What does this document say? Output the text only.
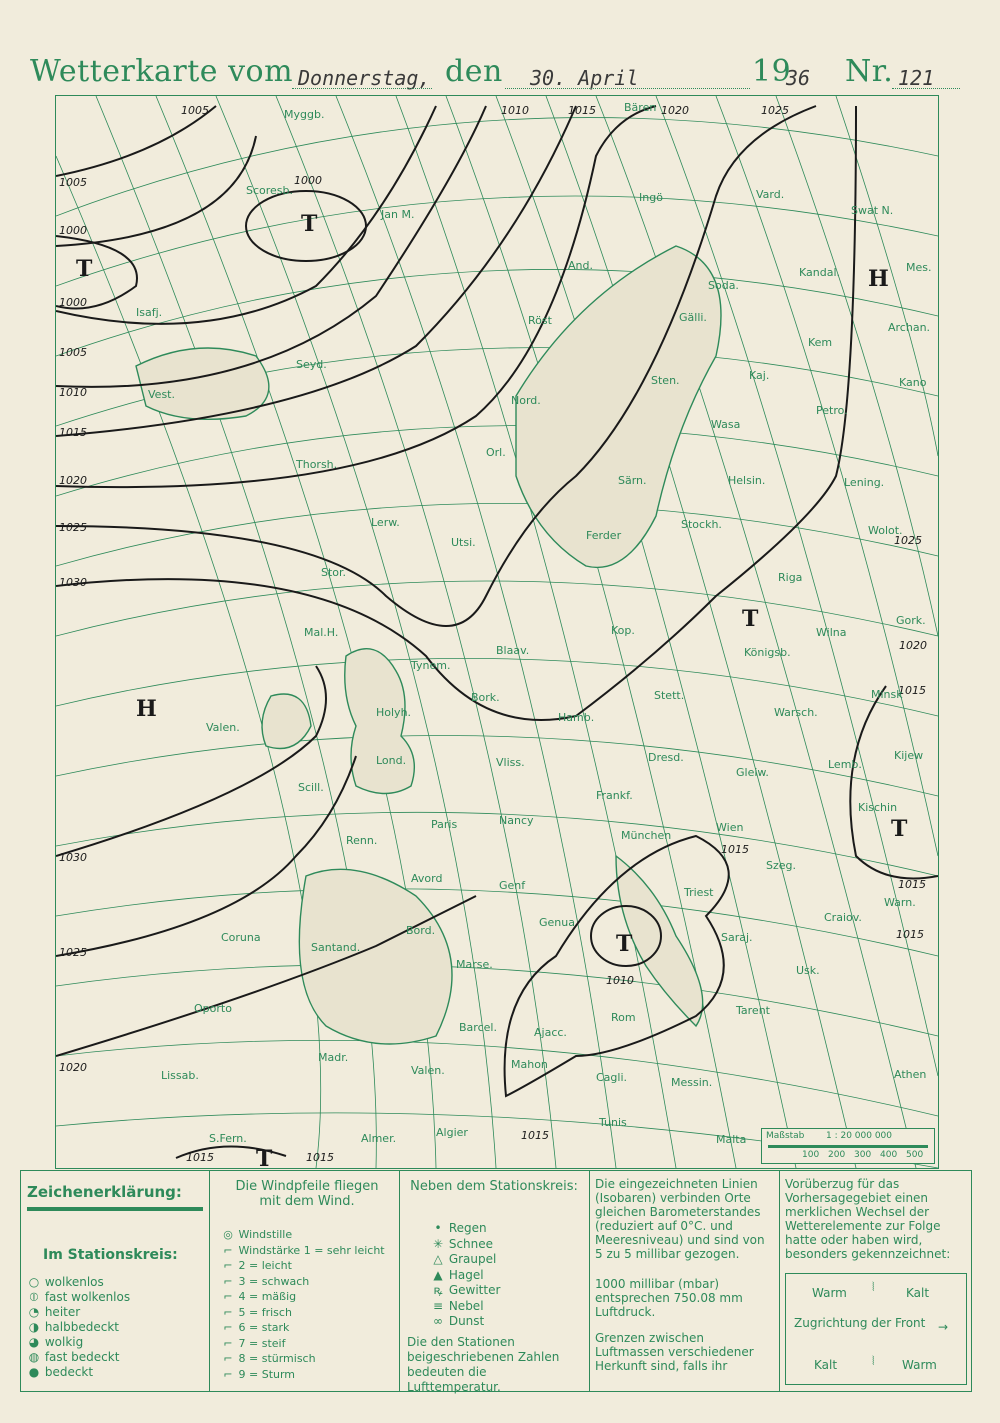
Wetterkarte vom Donnerstag, den 30. April	19
36 Nr. 121
H
H
T
T
T
T
T
T
1005	1010	1015	1020	1025
1000
1005
1000
1000
1005
1010
1015
1020
1025
1030
1030
1025
1020
1015	1015
1015
1015
1015
1015
1010
1020
1025
1015
Myggb.
Jan M.
Bären
Ingö	Vard.
Swat N.
Scoresb.
Isafj.
Seyd.
Vest.
Thorsh.
And.
Röst
Soda.
Gälli.
Kandal.	Mes.
Kem
Archan.
Sten.	Kaj.
Kano
Nord.
Orl.
Wasa
Petro.
Särn.	Helsin.	Lening.
Lerw.
Utsi.
Ferder
Stockh.	Wolot.
Stor.	Riga
Gork.
Mal.H.
Tynem.
Blaav.
Kop.
Königsb.
Wilna
Holyh.
Bork.
Hamb.
Stett.	Minsk
Valen.
Warsch.
Kijew
Lond.	Vliss.	Dresd.
Gleiw.
Lemb.
Scill.
Frankf.
Wien
Kischin
Renn.
Paris	Nancy
München
Szeg.
Avord
Genf
Triest
Craiov.
Warn.
Coruna
Santand.
Bord.
Marse.
Genua
Saraj.
Usk.
Oporto
Barcel.	Ajacc.
Rom
Tarent
Lissab.
Madr.
Valen.	Mahon
Cagli.	Messin.
Athen
S.Fern.	Almer.	Algier
Tunis
Malta Maßstab 1 : 20 000 000
100 200 300 400 500
Zeichenerklärung:
Im Stationskreis:
○ wolkenlos
⦶ fast wolkenlos
◔ heiter
◑ halbbedeckt
◕ wolkig
◍ fast bedeckt
● bedeckt
Die Windpfeile fliegen mit dem Wind.
◎ Windstille
⌐ Windstärke 1 = sehr leicht
⌐ 2 = leicht
⌐ 3 = schwach
⌐ 4 = mäßig
⌐ 5 = frisch
⌐ 6 = stark
⌐ 7 = steif
⌐ 8 = stürmisch
⌐ 9 = Sturm
Neben dem Stationskreis:
• Regen
✳ Schnee
△ Graupel
▲ Hagel
ꝶ Gewitter
≡ Nebel
∞ Dunst
Die den Stationen beigeschriebenen Zahlen bedeuten die Lufttemperatur.
Die eingezeichneten Linien (Isobaren) verbinden Orte gleichen Barometerstandes (reduziert auf 0°C. und Meeresniveau) und sind von 5 zu 5 millibar gezogen.
1000 millibar (mbar) entsprechen 750.08 mm Luftdruck.
Grenzen zwischen Luftmassen verschiedener Herkunft sind, falls ihr
Vorüberzug für das Vorhersagegebiet einen merklichen Wechsel der Wetterelemente zur Folge hatte oder haben wird, besonders gekennzeichnet:
Warm ⦚	Kalt
Zugrichtung der Front →
Kalt	⦚ Warm
